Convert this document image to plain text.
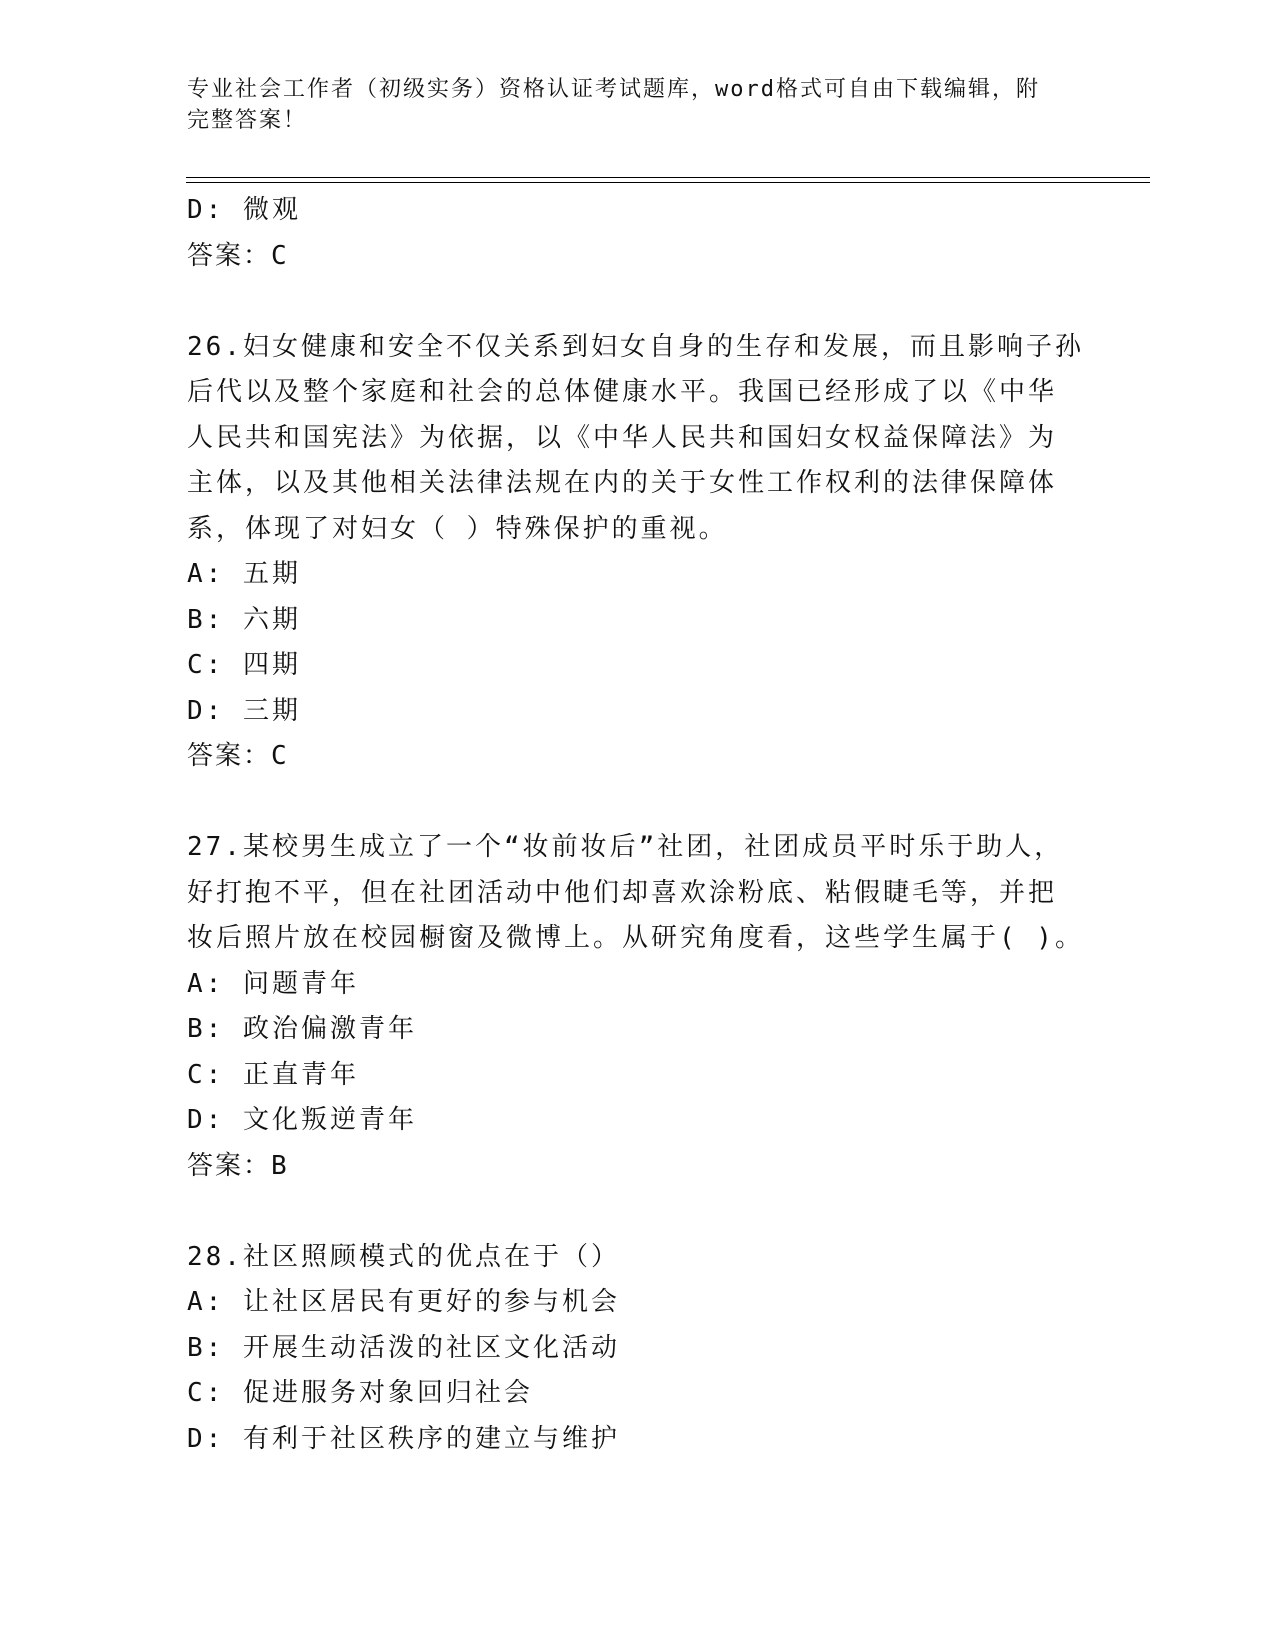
专业社会工作者（初级实务）资格认证考试题库，word格式可自由下载编辑，附
完整答案！
D: 微观
答案：C
26.妇女健康和安全不仅关系到妇女自身的生存和发展，而且影响子孙
后代以及整个家庭和社会的总体健康水平。我国已经形成了以《中华
人民共和国宪法》为依据，以《中华人民共和国妇女权益保障法》为
主体，以及其他相关法律法规在内的关于女性工作权利的法律保障体
系，体现了对妇女（ ）特殊保护的重视。
A: 五期
B: 六期
C: 四期
D: 三期
答案：C
27.某校男生成立了一个“妆前妆后”社团，社团成员平时乐于助人，
好打抱不平，但在社团活动中他们却喜欢涂粉底、粘假睫毛等，并把
妆后照片放在校园橱窗及微博上。从研究角度看，这些学生属于( )。
A: 问题青年
B: 政治偏激青年
C: 正直青年
D: 文化叛逆青年
答案：B
28.社区照顾模式的优点在于（）
A: 让社区居民有更好的参与机会
B: 开展生动活泼的社区文化活动
C: 促进服务对象回归社会
D: 有利于社区秩序的建立与维护
